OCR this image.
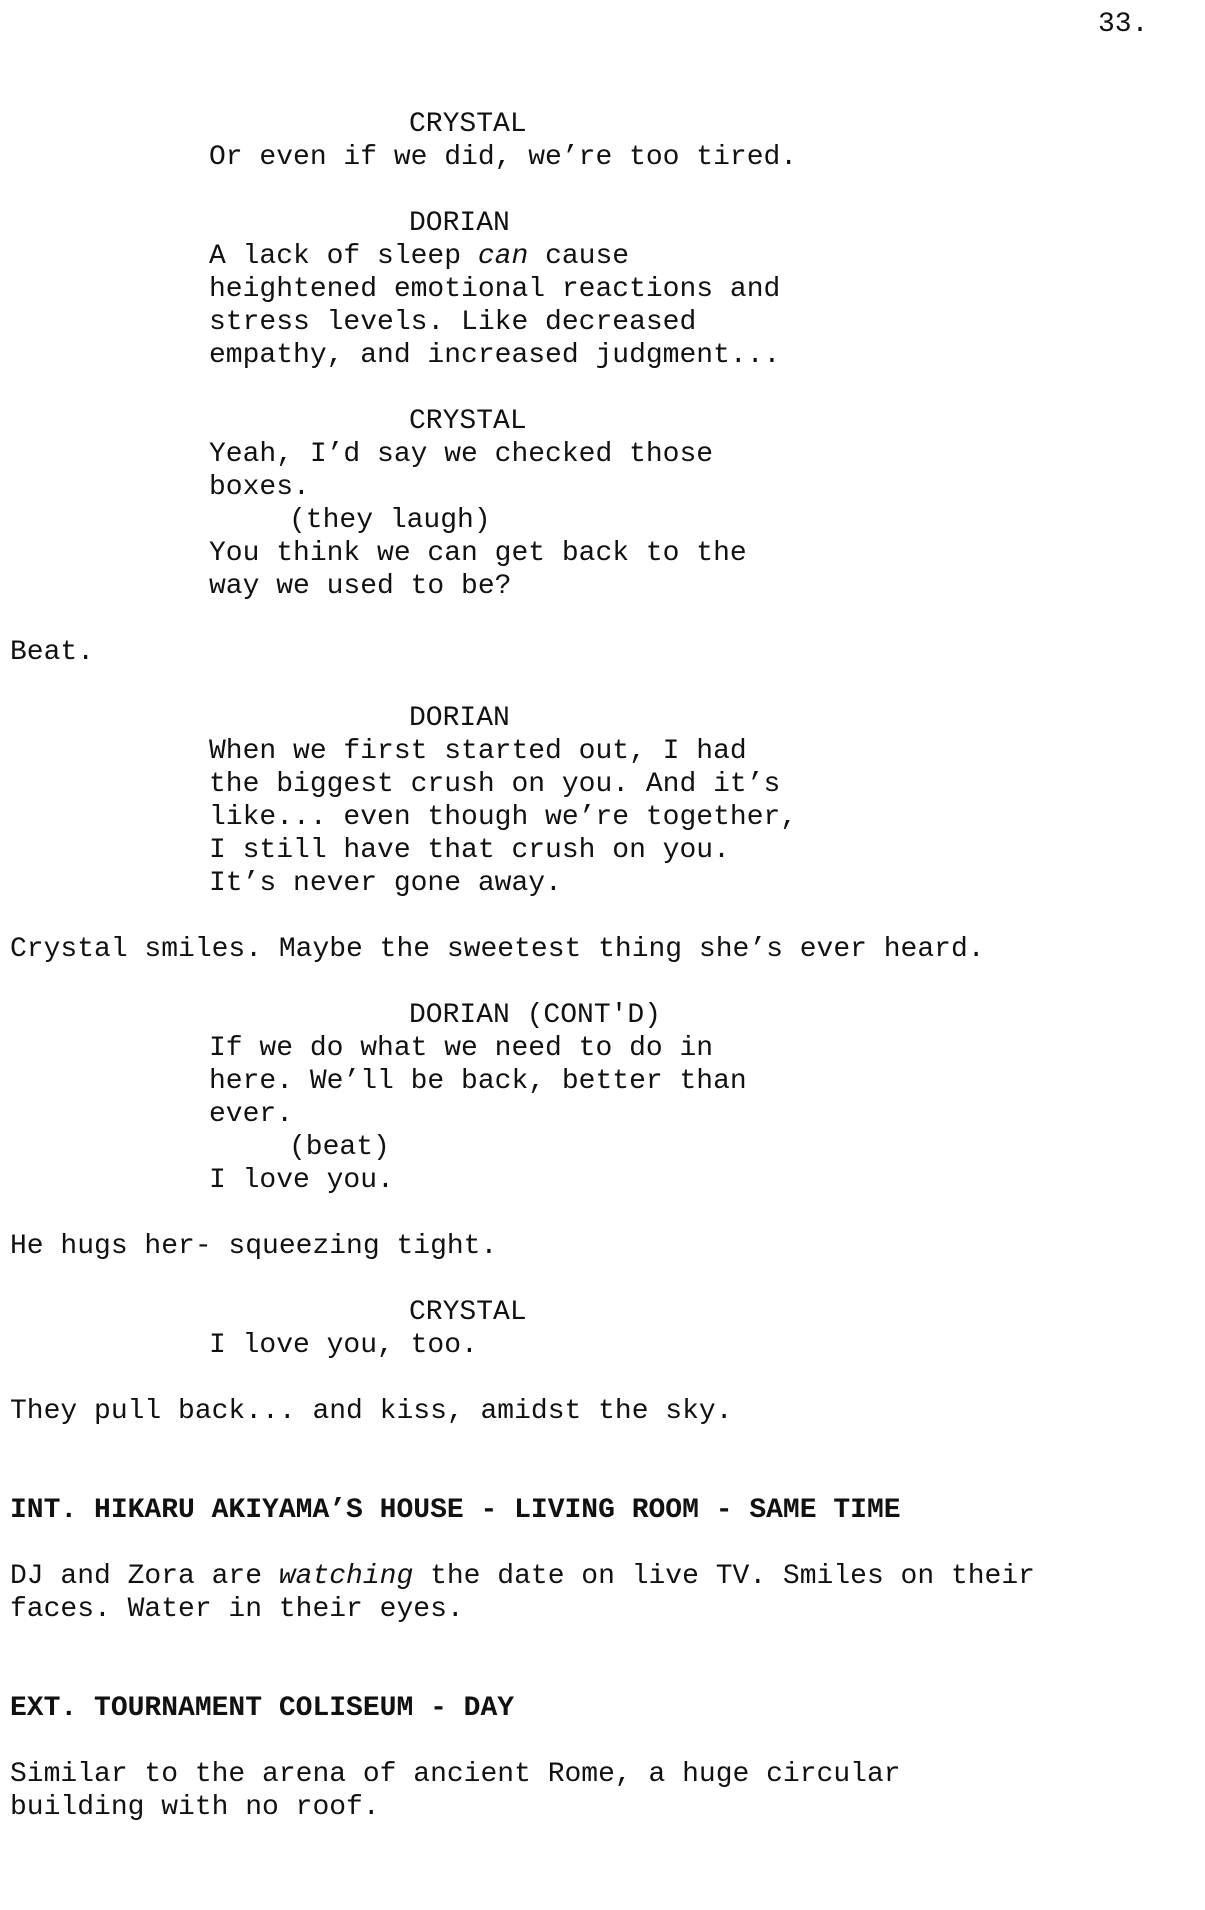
33.
CRYSTAL
Or even if we did, we’re too tired.
DORIAN
A lack of sleep can cause
heightened emotional reactions and
stress levels. Like decreased
empathy, and increased judgment...
CRYSTAL
Yeah, I’d say we checked those
boxes.
(they laugh)
You think we can get back to the
way we used to be?
Beat.
DORIAN
When we first started out, I had
the biggest crush on you. And it’s
like... even though we’re together,
I still have that crush on you.
It’s never gone away.
Crystal smiles. Maybe the sweetest thing she’s ever heard.
DORIAN (CONT'D)
If we do what we need to do in
here. We’ll be back, better than
ever.
(beat)
I love you.
He hugs her- squeezing tight.
CRYSTAL
I love you, too.
They pull back... and kiss, amidst the sky.
INT. HIKARU AKIYAMA’S HOUSE - LIVING ROOM - SAME TIME
DJ and Zora are watching the date on live TV. Smiles on their
faces. Water in their eyes.
EXT. TOURNAMENT COLISEUM - DAY
Similar to the arena of ancient Rome, a huge circular
building with no roof.
